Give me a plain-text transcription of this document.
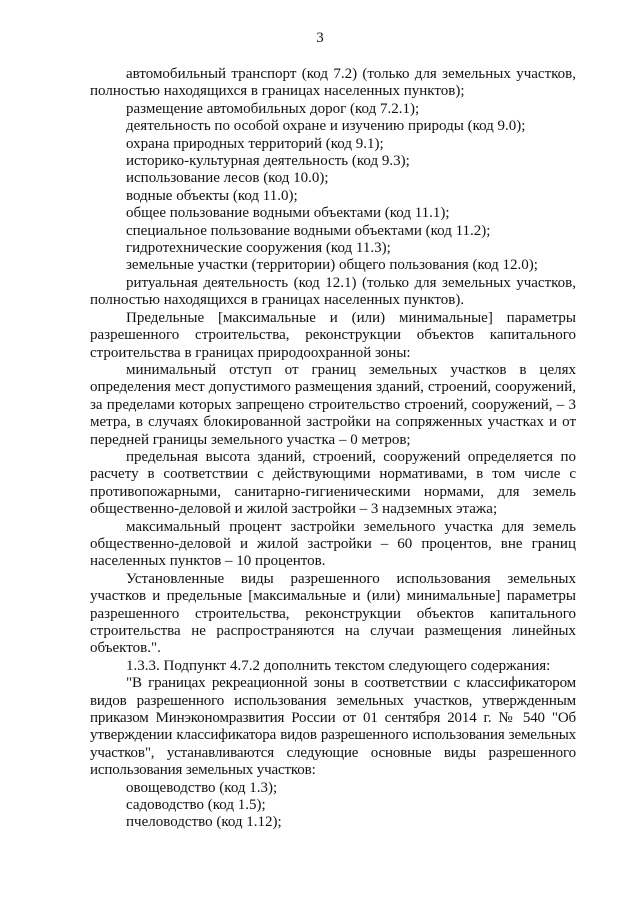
3

автомобильный транспорт (код 7.2) (только для земельных участков, полностью находящихся в границах населенных пунктов);

размещение автомобильных дорог (код 7.2.1);

деятельность по особой охране и изучению природы (код 9.0);

охрана природных территорий (код 9.1);

историко-культурная деятельность (код 9.3);

использование лесов (код 10.0);

водные объекты (код 11.0);

общее пользование водными объектами (код 11.1);

специальное пользование водными объектами (код 11.2);

гидротехнические сооружения (код 11.3);

земельные участки (территории) общего пользования (код 12.0);

ритуальная деятельность (код 12.1) (только для земельных участков, полностью находящихся в границах населенных пунктов).

Предельные [максимальные и (или) минимальные] параметры разрешенного строительства, реконструкции объектов капитального строительства в границах природоохранной зоны:

минимальный отступ от границ земельных участков в целях определения мест допустимого размещения зданий, строений, сооружений, за пределами которых запрещено строительство строений, сооружений, – 3 метра, в случаях блокированной застройки на сопряженных участках и от передней границы земельного участка – 0 метров;

предельная высота зданий, строений, сооружений определяется по расчету в соответствии с действующими нормативами, в том числе с противопожарными, санитарно-гигиеническими нормами, для земель общественно-деловой и жилой застройки – 3 надземных этажа;

максимальный процент застройки земельного участка для земель общественно-деловой и жилой застройки – 60 процентов, вне границ населенных пунктов – 10 процентов.

Установленные виды разрешенного использования земельных участков и предельные [максимальные и (или) минимальные] параметры разрешенного строительства, реконструкции объектов капитального строительства не распространяются на случаи размещения линейных объектов.".

1.3.3. Подпункт 4.7.2 дополнить текстом следующего содержания:

"В границах рекреационной зоны в соответствии с классификатором видов разрешенного использования земельных участков, утвержденным приказом Минэкономразвития России от 01 сентября 2014 г. № 540 "Об утверждении классификатора видов разрешенного использования земельных участков", устанавливаются следующие основные виды разрешенного использования земельных участков:

овощеводство (код 1.3);

садоводство (код 1.5);

пчеловодство (код 1.12);
